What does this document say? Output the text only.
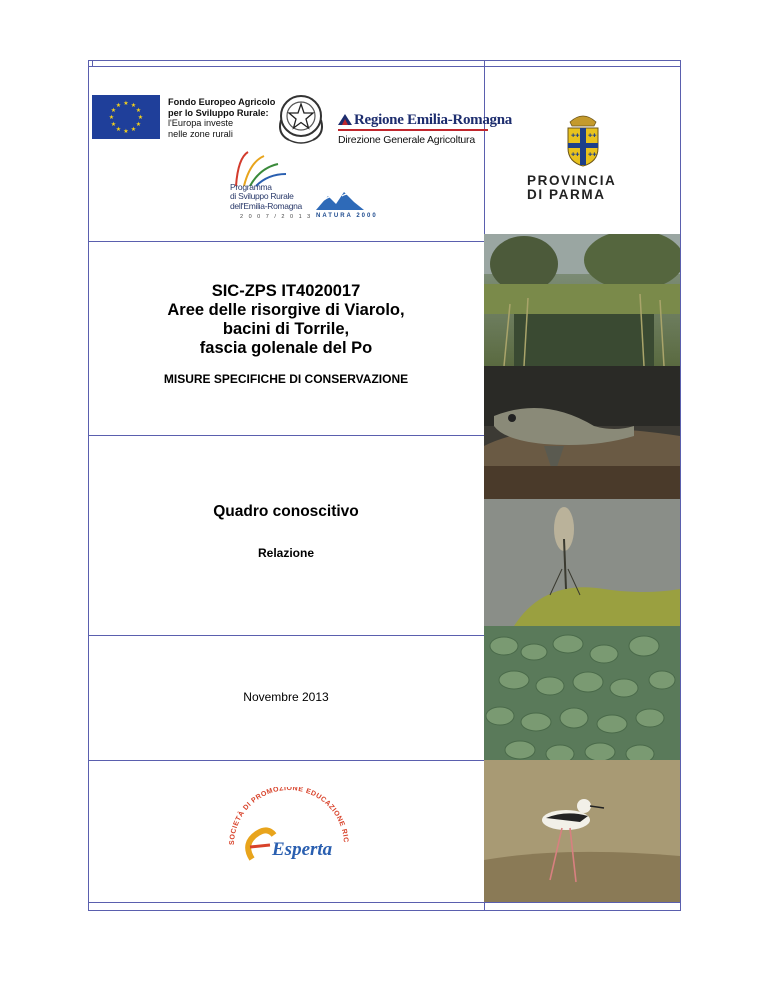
★ ★
★
★
★
★
★
★
★
★
★
★	Fondo Europeo Agricolo
per lo Sviluppo Rurale:
l'Europa investe
nelle zone rurali
Regione Emilia-Romagna
Direzione Generale Agricoltura
Programma
di Sviluppo Rurale
dell'Emilia-Romagna
2 0 0 7 / 2 0 1 3 NATURA 2000
✚✚ ✚✚
✚✚ ✚✚
PROVINCIA
DI PARMA
SIC-ZPS IT4020017
Aree delle risorgive di Viarolo,
bacini di Torrile,
fascia golenale del Po
MISURE SPECIFICHE DI CONSERVAZIONE
Quadro conoscitivo
Relazione
Novembre 2013
SOCIETÀ DI PROMOZIONE EDUCAZIONE RIC
Esperta
